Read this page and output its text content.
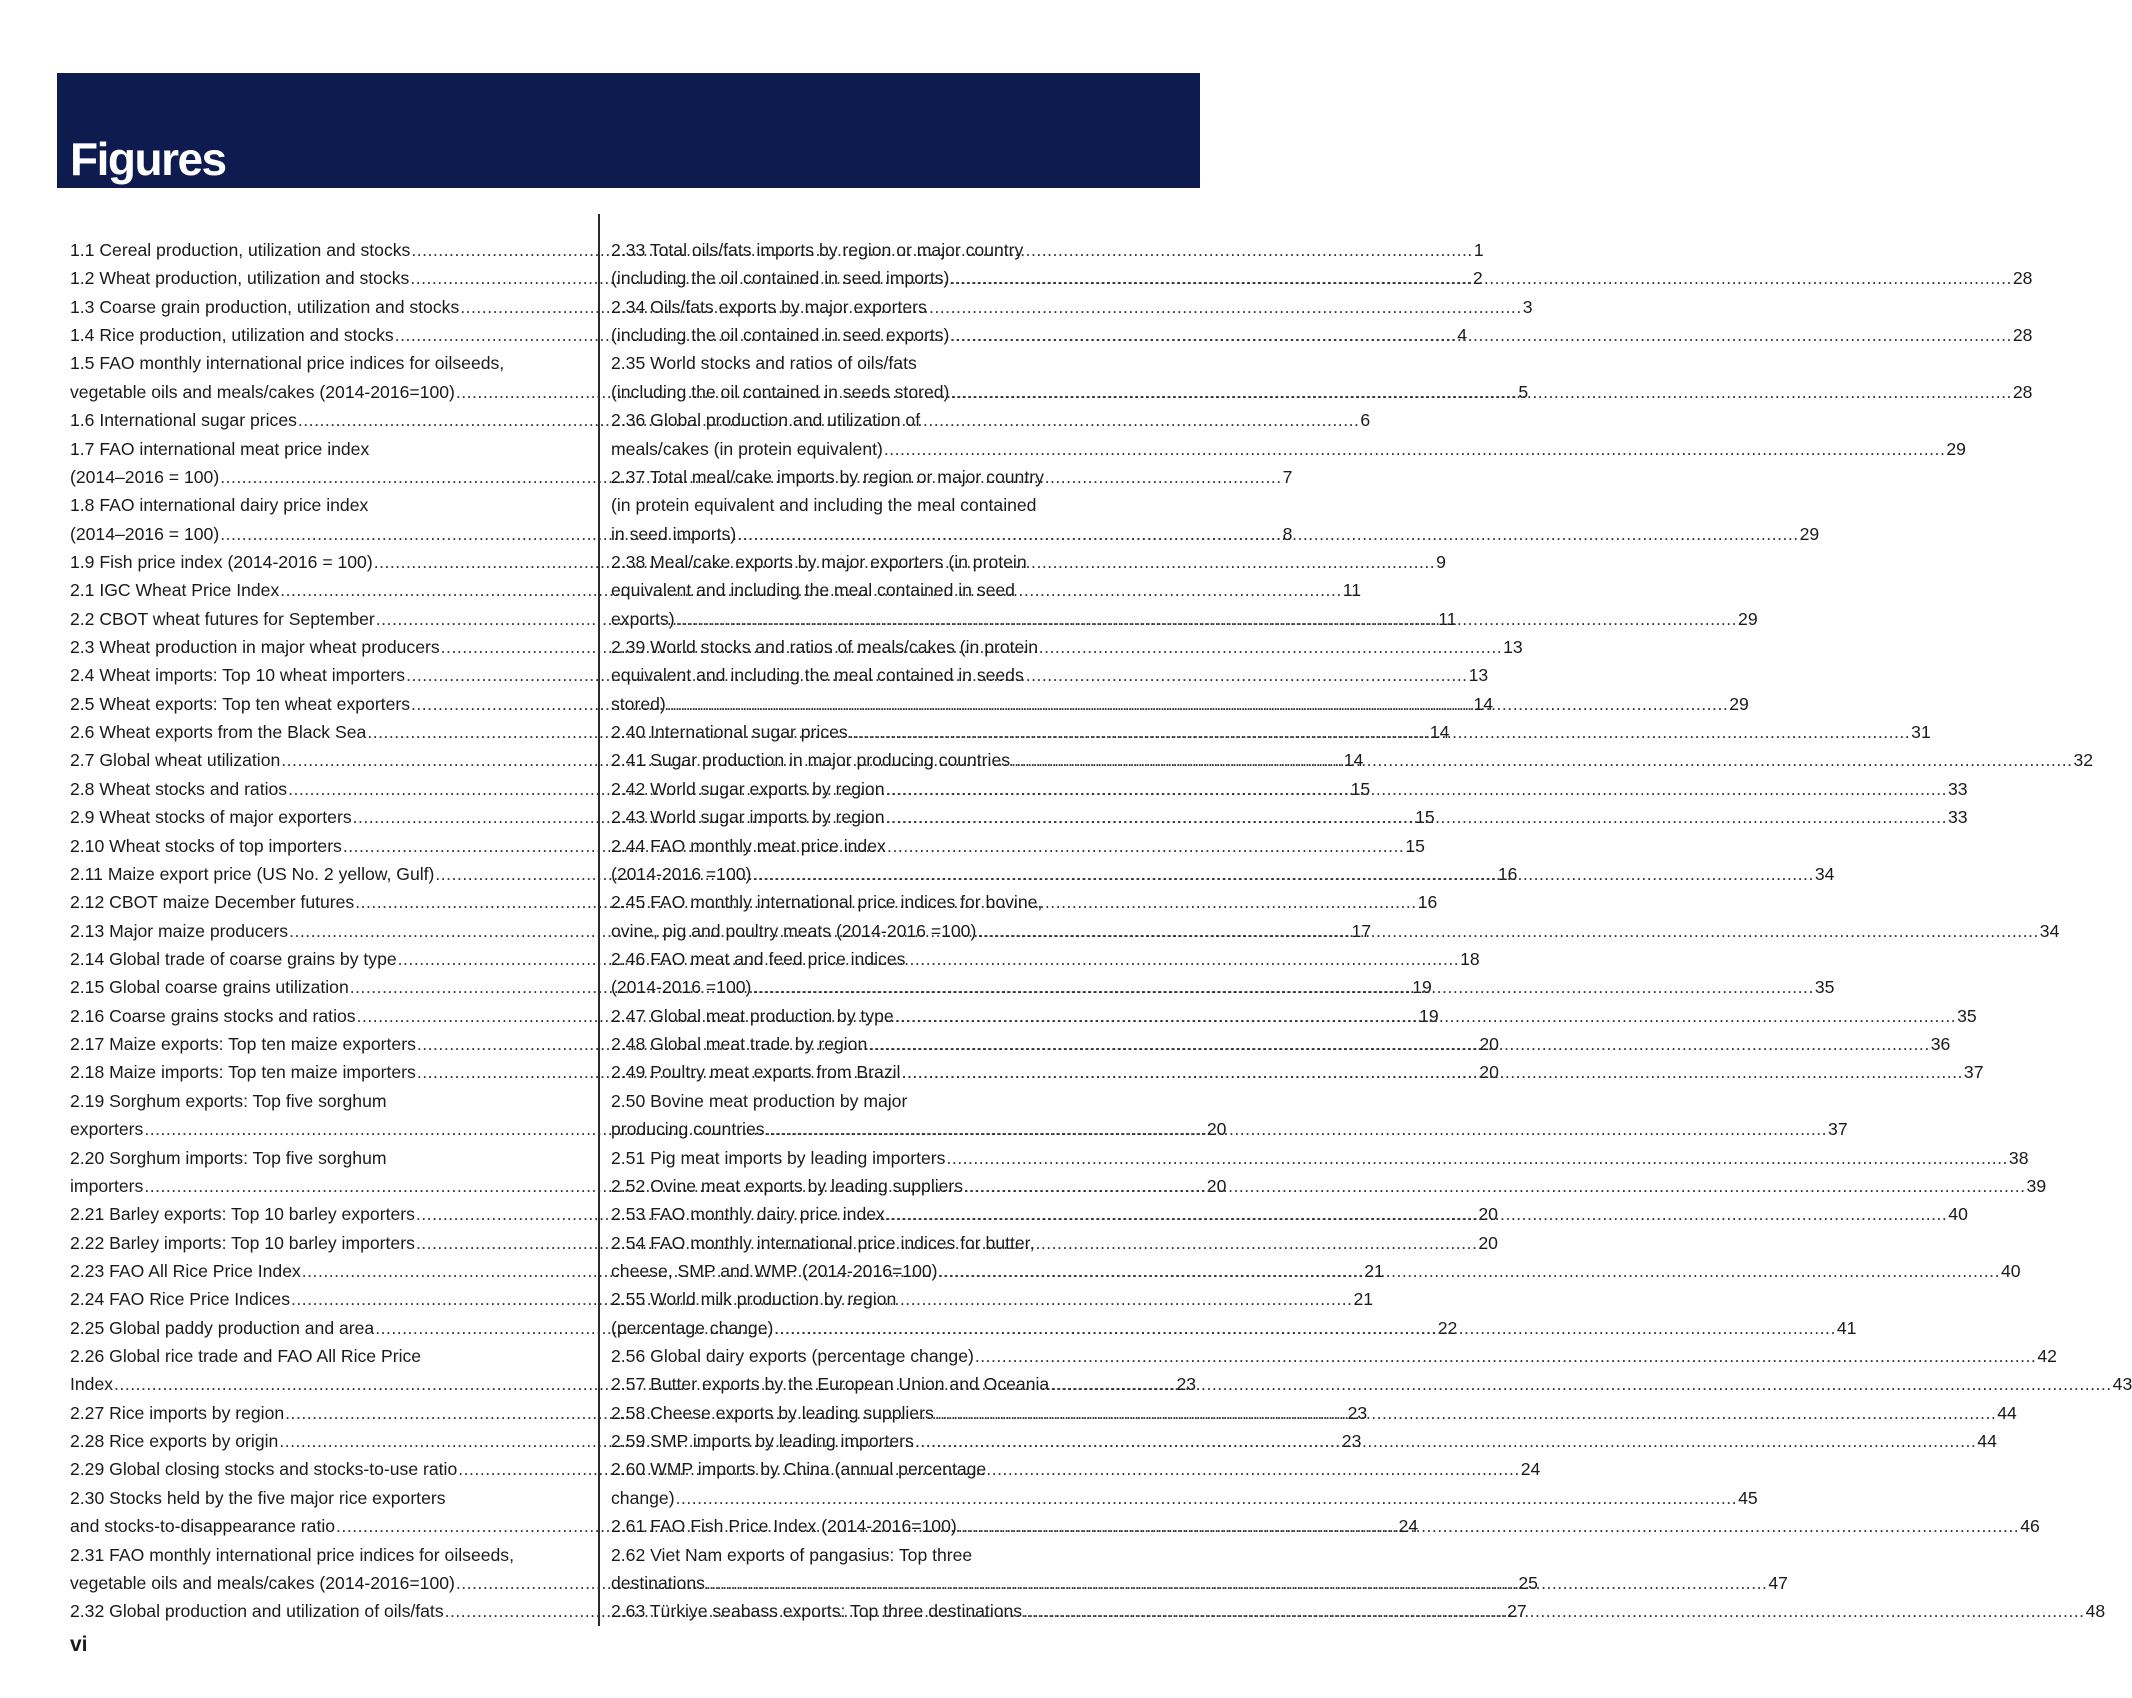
Figures
1.1 Cereal production, utilization and stocks .....	1
1.2 Wheat production, utilization and stocks .....	2
1.3 Coarse grain production, utilization and stocks .....	3
1.4 Rice production, utilization and stocks .....	4
1.5 FAO monthly international price indices for oilseeds,
vegetable oils and meals/cakes (2014-2016=100) .....	5
1.6 International sugar prices .....	6
1.7 FAO international meat price index
(2014–2016 = 100) .....	7
1.8 FAO international dairy price index
(2014–2016 = 100) .....	8
1.9 Fish price index (2014-2016 = 100) .....	9
2.1 IGC Wheat Price Index .....	11
2.2 CBOT wheat futures for September .....	11
2.3 Wheat production in major wheat producers .....	13
2.4 Wheat imports: Top 10 wheat importers .....	13
2.5 Wheat exports: Top ten wheat exporters .....	14
2.6 Wheat exports from the Black Sea .....	14
2.7 Global wheat utilization .....	14
2.8 Wheat stocks and ratios .....	15
2.9 Wheat stocks of major exporters .....	15
2.10 Wheat stocks of top importers .....	15
2.11 Maize export price (US No. 2 yellow, Gulf) .....	16
2.12 CBOT maize December futures .....	16
2.13 Major maize producers .....	17
2.14 Global trade of coarse grains by type .....	18
2.15 Global coarse grains utilization .....	19
2.16 Coarse grains stocks and ratios .....	19
2.17 Maize exports: Top ten maize exporters .....	20
2.18 Maize imports: Top ten maize importers .....	20
2.19 Sorghum exports: Top five sorghum
exporters .....	20
2.20 Sorghum imports: Top five sorghum
importers .....	20
2.21 Barley exports: Top 10 barley exporters .....	20
2.22 Barley imports: Top 10 barley importers .....	20
2.23 FAO All Rice Price Index .....	21
2.24 FAO Rice Price Indices .....	21
2.25 Global paddy production and area .....	22
2.26 Global rice trade and FAO All Rice Price
Index .....	23
2.27 Rice imports by region .....	23
2.28 Rice exports by origin .....	23
2.29 Global closing stocks and stocks-to-use ratio .....	24
2.30 Stocks held by the five major rice exporters
and stocks-to-disappearance ratio .....	24
2.31 FAO monthly international price indices for oilseeds,
vegetable oils and meals/cakes (2014-2016=100) .....	25
2.32 Global production and utilization of oils/fats .....	27
2.33 Total oils/fats imports by region or major country
(including the oil contained in seed imports) .....	28
2.34 Oils/fats exports by major exporters
(including the oil contained in seed exports) .....	28
2.35 World stocks and ratios of oils/fats
(including the oil contained in seeds stored) .....	28
2.36 Global production and utilization of
meals/cakes (in protein equivalent) .....	29
2.37 Total meal/cake imports by region or major country
(in protein equivalent and including the meal contained
in seed imports) .....	29
2.38 Meal/cake exports by major exporters (in protein
equivalent and including the meal contained in seed
exports) .....	29
2.39 World stocks and ratios of meals/cakes (in protein
equivalent and including the meal contained in seeds
stored) .....	29
2.40 International sugar prices .....	31
2.41 Sugar production in major producing countries .....	32
2.42 World sugar exports by region .....	33
2.43 World sugar imports by region .....	33
2.44 FAO monthly meat price index
(2014-2016 =100) .....	34
2.45 FAO monthly international price indices for bovine,
ovine, pig and poultry meats (2014-2016 =100) .....	34
2.46 FAO meat and feed price indices
(2014-2016 =100) .....	35
2.47 Global meat production by type .....	35
2.48 Global meat trade by region .....	36
2.49 Poultry meat exports from Brazil .....	37
2.50 Bovine meat production by major
producing countries .....	37
2.51 Pig meat imports by leading importers .....	38
2.52 Ovine meat exports by leading suppliers .....	39
2.53 FAO monthly dairy price index .....	40
2.54 FAO monthly international price indices for butter,
cheese, SMP and WMP (2014-2016=100) .....	40
2.55 World milk production by region
(percentage change) .....	41
2.56 Global dairy exports (percentage change) .....	42
2.57 Butter exports by the European Union and Oceania .....	43
2.58 Cheese exports by leading suppliers .....	44
2.59 SMP imports by leading importers .....	44
2.60 WMP imports by China (annual percentage
change) .....	45
2.61 FAO Fish Price Index (2014-2016=100) .....	46
2.62 Viet Nam exports of pangasius: Top three
destinations .....	47
2.63 Türkiye seabass exports: Top three destinations .....	48
vi
